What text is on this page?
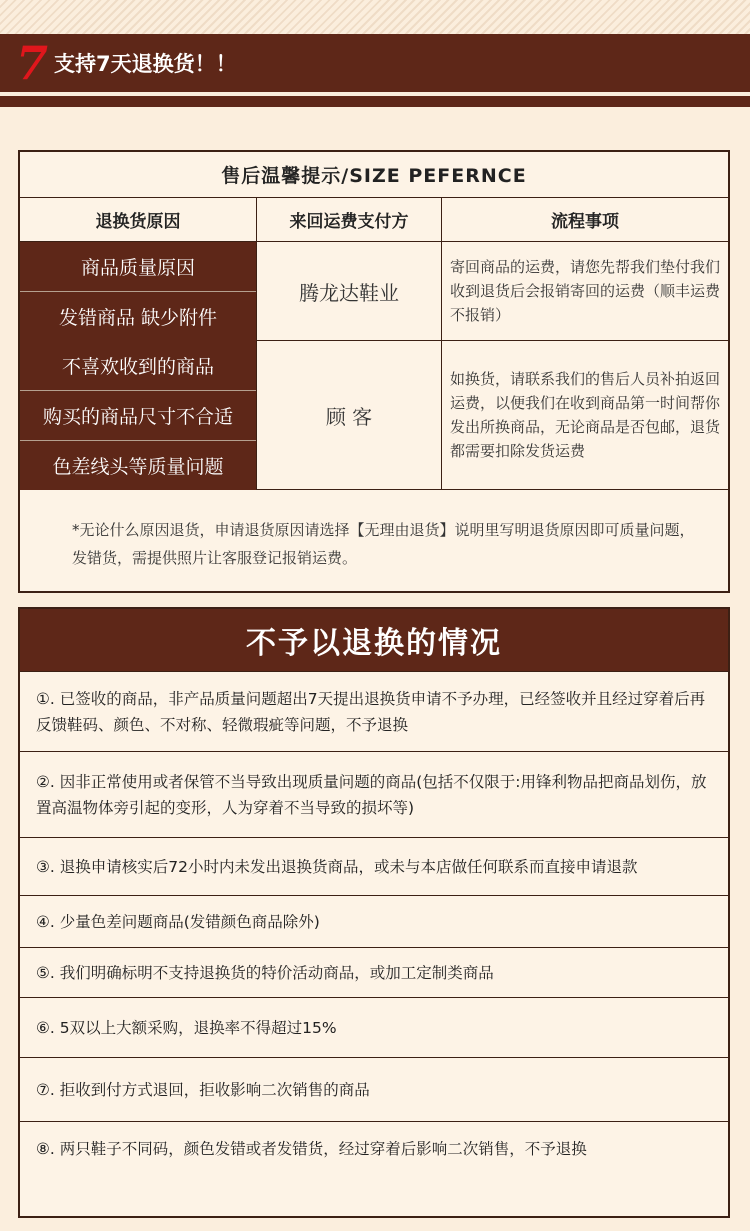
7 支持7天退换货！！
售后温馨提示/SIZE PEFERNCE
退换货原因	来回运费支付方	流程事项
商品质量原因
发错商品 缺少附件
腾龙达鞋业
寄回商品的运费，请您先帮我们垫付我们收到退货后会报销寄回的运费（顺丰运费不报销）
不喜欢收到的商品
购买的商品尺寸不合适
色差线头等质量问题
顾 客
如换货，请联系我们的售后人员补拍返回运费，以便我们在收到商品第一时间帮你发出所换商品，无论商品是否包邮，退货都需要扣除发货运费
*无论什么原因退货，申请退货原因请选择【无理由退货】说明里写明退货原因即可质量问题，发错货，需提供照片让客服登记报销运费。
不予以退换的情况
①. 已签收的商品，非产品质量问题超出7天提出退换货申请不予办理，已经签收并且经过穿着后再反馈鞋码、颜色、不对称、轻微瑕疵等问题，不予退换
②. 因非正常使用或者保管不当导致出现质量问题的商品(包括不仅限于:用锋利物品把商品划伤，放置高温物体旁引起的变形，人为穿着不当导致的损坏等)
③. 退换申请核实后72小时内未发出退换货商品，或未与本店做任何联系而直接申请退款
④. 少量色差问题商品(发错颜色商品除外)
⑤. 我们明确标明不支持退换货的特价活动商品，或加工定制类商品
⑥. 5双以上大额采购，退换率不得超过15%
⑦. 拒收到付方式退回，拒收影响二次销售的商品
⑧. 两只鞋子不同码，颜色发错或者发错货，经过穿着后影响二次销售，不予退换
